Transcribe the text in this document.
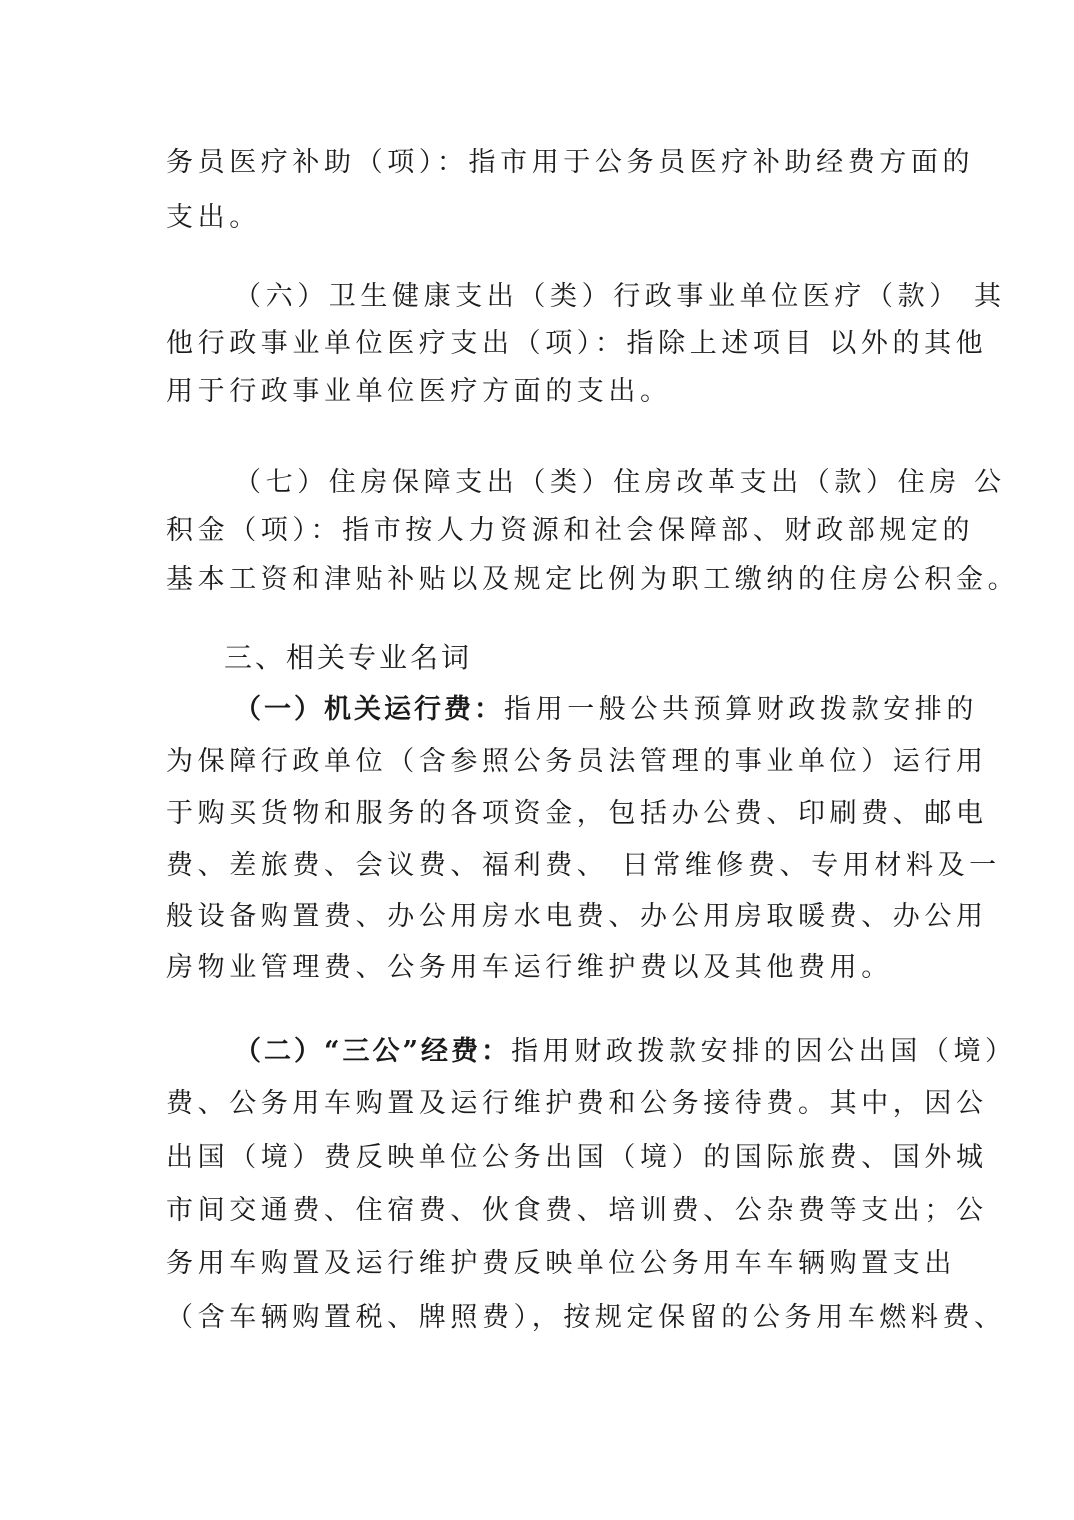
务员医疗补助（项）：指市用于公务员医疗补助经费方面的
支出。
（六）卫生健康支出（类）行政事业单位医疗（款） 其
他行政事业单位医疗支出（项）：指除上述项目 以外的其他
用于行政事业单位医疗方面的支出。
（七）住房保障支出（类）住房改革支出（款）住房 公
积金（项）：指市按人力资源和社会保障部、财政部规定的
基本工资和津贴补贴以及规定比例为职工缴纳的住房公积金。
三、相关专业名词
（一）机关运行费：指用一般公共预算财政拨款安排的
为保障行政单位（含参照公务员法管理的事业单位）运行用
于购买货物和服务的各项资金，包括办公费、印刷费、邮电
费、差旅费、会议费、福利费、 日常维修费、专用材料及一
般设备购置费、办公用房水电费、办公用房取暖费、办公用
房物业管理费、公务用车运行维护费以及其他费用。
（二）“三公”经费：指用财政拨款安排的因公出国（境）
费、公务用车购置及运行维护费和公务接待费。其中，因公
出国（境）费反映单位公务出国（境）的国际旅费、国外城
市间交通费、住宿费、伙食费、培训费、公杂费等支出；公
务用车购置及运行维护费反映单位公务用车车辆购置支出
（含车辆购置税、牌照费），按规定保留的公务用车燃料费、
